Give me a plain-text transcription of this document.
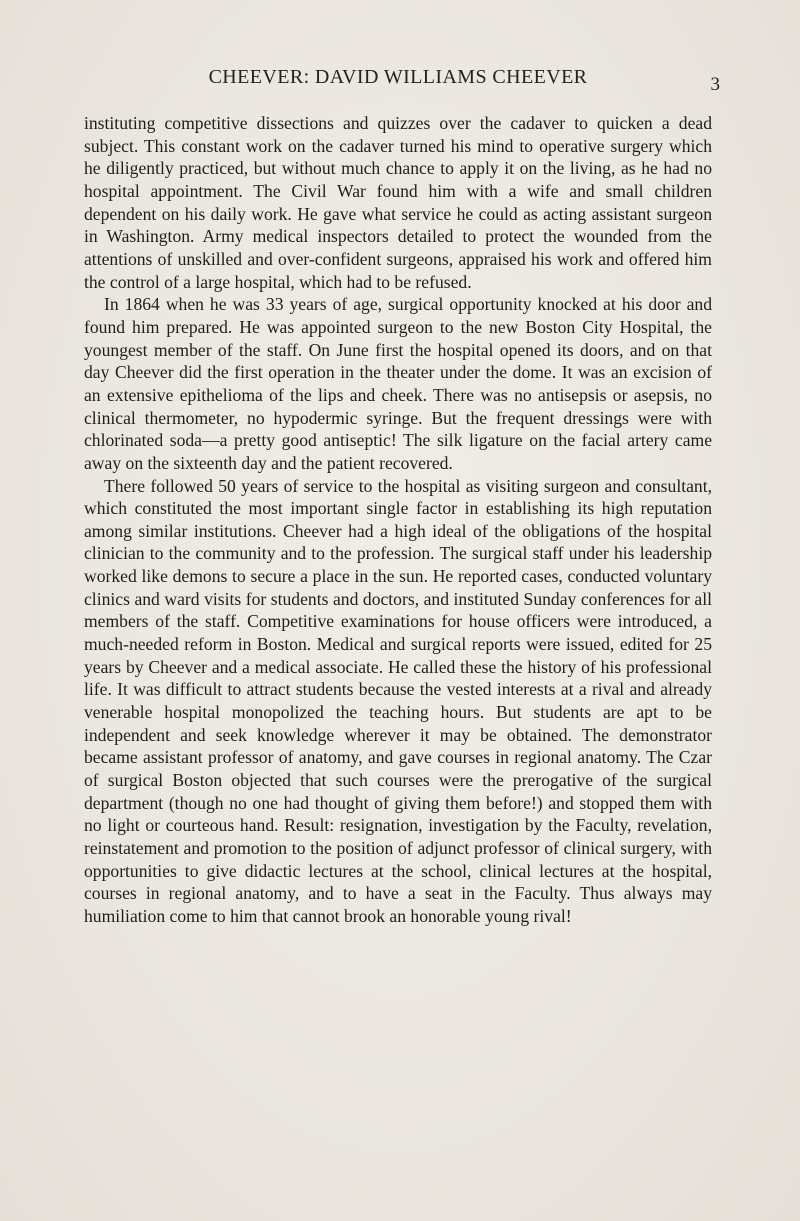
CHEEVER: DAVID WILLIAMS CHEEVER	3

instituting competitive dissections and quizzes over the cadaver to quicken a dead subject. This constant work on the cadaver turned his mind to operative surgery which he diligently practiced, but without much chance to apply it on the living, as he had no hospital appointment. The Civil War found him with a wife and small children dependent on his daily work. He gave what service he could as acting assistant surgeon in Washington. Army medical inspectors detailed to protect the wounded from the attentions of unskilled and over-confident surgeons, appraised his work and offered him the control of a large hospital, which had to be refused.

In 1864 when he was 33 years of age, surgical opportunity knocked at his door and found him prepared. He was appointed surgeon to the new Boston City Hospital, the youngest member of the staff. On June first the hospital opened its doors, and on that day Cheever did the first operation in the theater under the dome. It was an excision of an extensive epithelioma of the lips and cheek. There was no antisepsis or asepsis, no clinical thermometer, no hypodermic syringe. But the frequent dressings were with chlorinated soda—a pretty good antiseptic! The silk ligature on the facial artery came away on the sixteenth day and the patient recovered.

There followed 50 years of service to the hospital as visiting surgeon and consultant, which constituted the most important single factor in establishing its high reputation among similar institutions. Cheever had a high ideal of the obligations of the hospital clinician to the community and to the profession. The surgical staff under his leadership worked like demons to secure a place in the sun. He reported cases, conducted voluntary clinics and ward visits for students and doctors, and instituted Sunday conferences for all members of the staff. Competitive examinations for house officers were introduced, a much-needed reform in Boston. Medical and surgical reports were issued, edited for 25 years by Cheever and a medical associate. He called these the history of his professional life. It was difficult to attract students because the vested interests at a rival and already venerable hospital monopolized the teaching hours. But students are apt to be independent and seek knowledge wherever it may be obtained. The demonstrator became assistant professor of anatomy, and gave courses in regional anatomy. The Czar of surgical Boston objected that such courses were the prerogative of the surgical department (though no one had thought of giving them before!) and stopped them with no light or courteous hand. Result: resignation, investigation by the Faculty, revelation, reinstatement and promotion to the position of adjunct professor of clinical surgery, with opportunities to give didactic lectures at the school, clinical lectures at the hospital, courses in regional anatomy, and to have a seat in the Faculty. Thus always may humiliation come to him that cannot brook an honorable young rival!
